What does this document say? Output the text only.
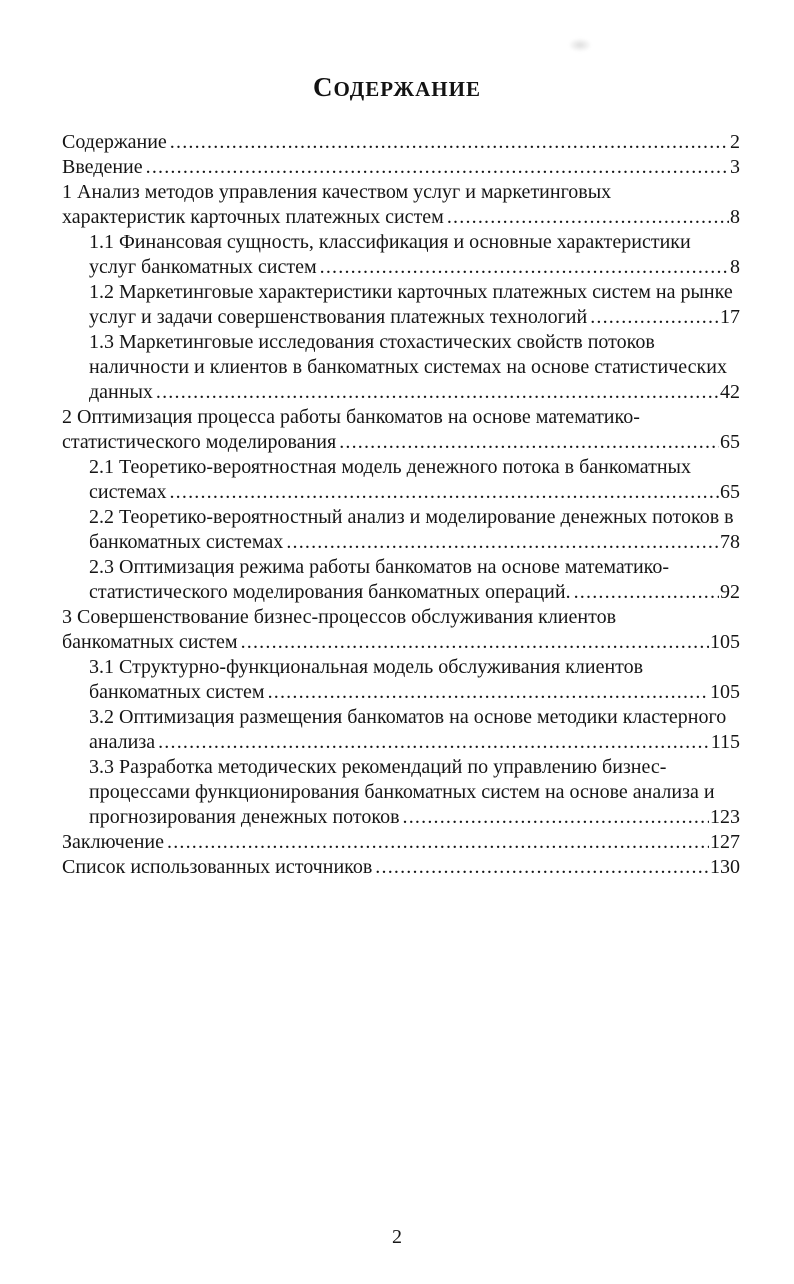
СОДЕРЖАНИЕ
Содержание .....	2
Введение .....	3
1 Анализ методов управления качеством услуг и маркетинговых
характеристик карточных платежных систем .....	8
1.1 Финансовая сущность, классификация и основные характеристики
услуг банкоматных систем .....	8
1.2 Маркетинговые характеристики карточных платежных систем на рынке
услуг и задачи совершенствования платежных технологий .....	17
1.3 Маркетинговые исследования стохастических свойств потоков
наличности и клиентов в банкоматных системах на основе статистических
данных .....	42
2 Оптимизация процесса работы банкоматов на основе математико-
статистического моделирования .....	65
2.1 Теоретико-вероятностная модель денежного потока в банкоматных
системах .....	65
2.2 Теоретико-вероятностный анализ и моделирование денежных потоков в
банкоматных системах .....	78
2.3 Оптимизация режима работы банкоматов на основе математико-
статистического моделирования банкоматных операций. .....	92
3 Совершенствование бизнес-процессов обслуживания клиентов
банкоматных систем .....	105
3.1 Структурно-функциональная модель обслуживания клиентов
банкоматных систем .....	105
3.2 Оптимизация размещения банкоматов на основе методики кластерного
анализа .....	115
3.3 Разработка методических рекомендаций по управлению бизнес-
процессами функционирования банкоматных систем на основе анализа и
прогнозирования денежных потоков .....	123
Заключение .....	127
Список использованных источников .....	130
2
